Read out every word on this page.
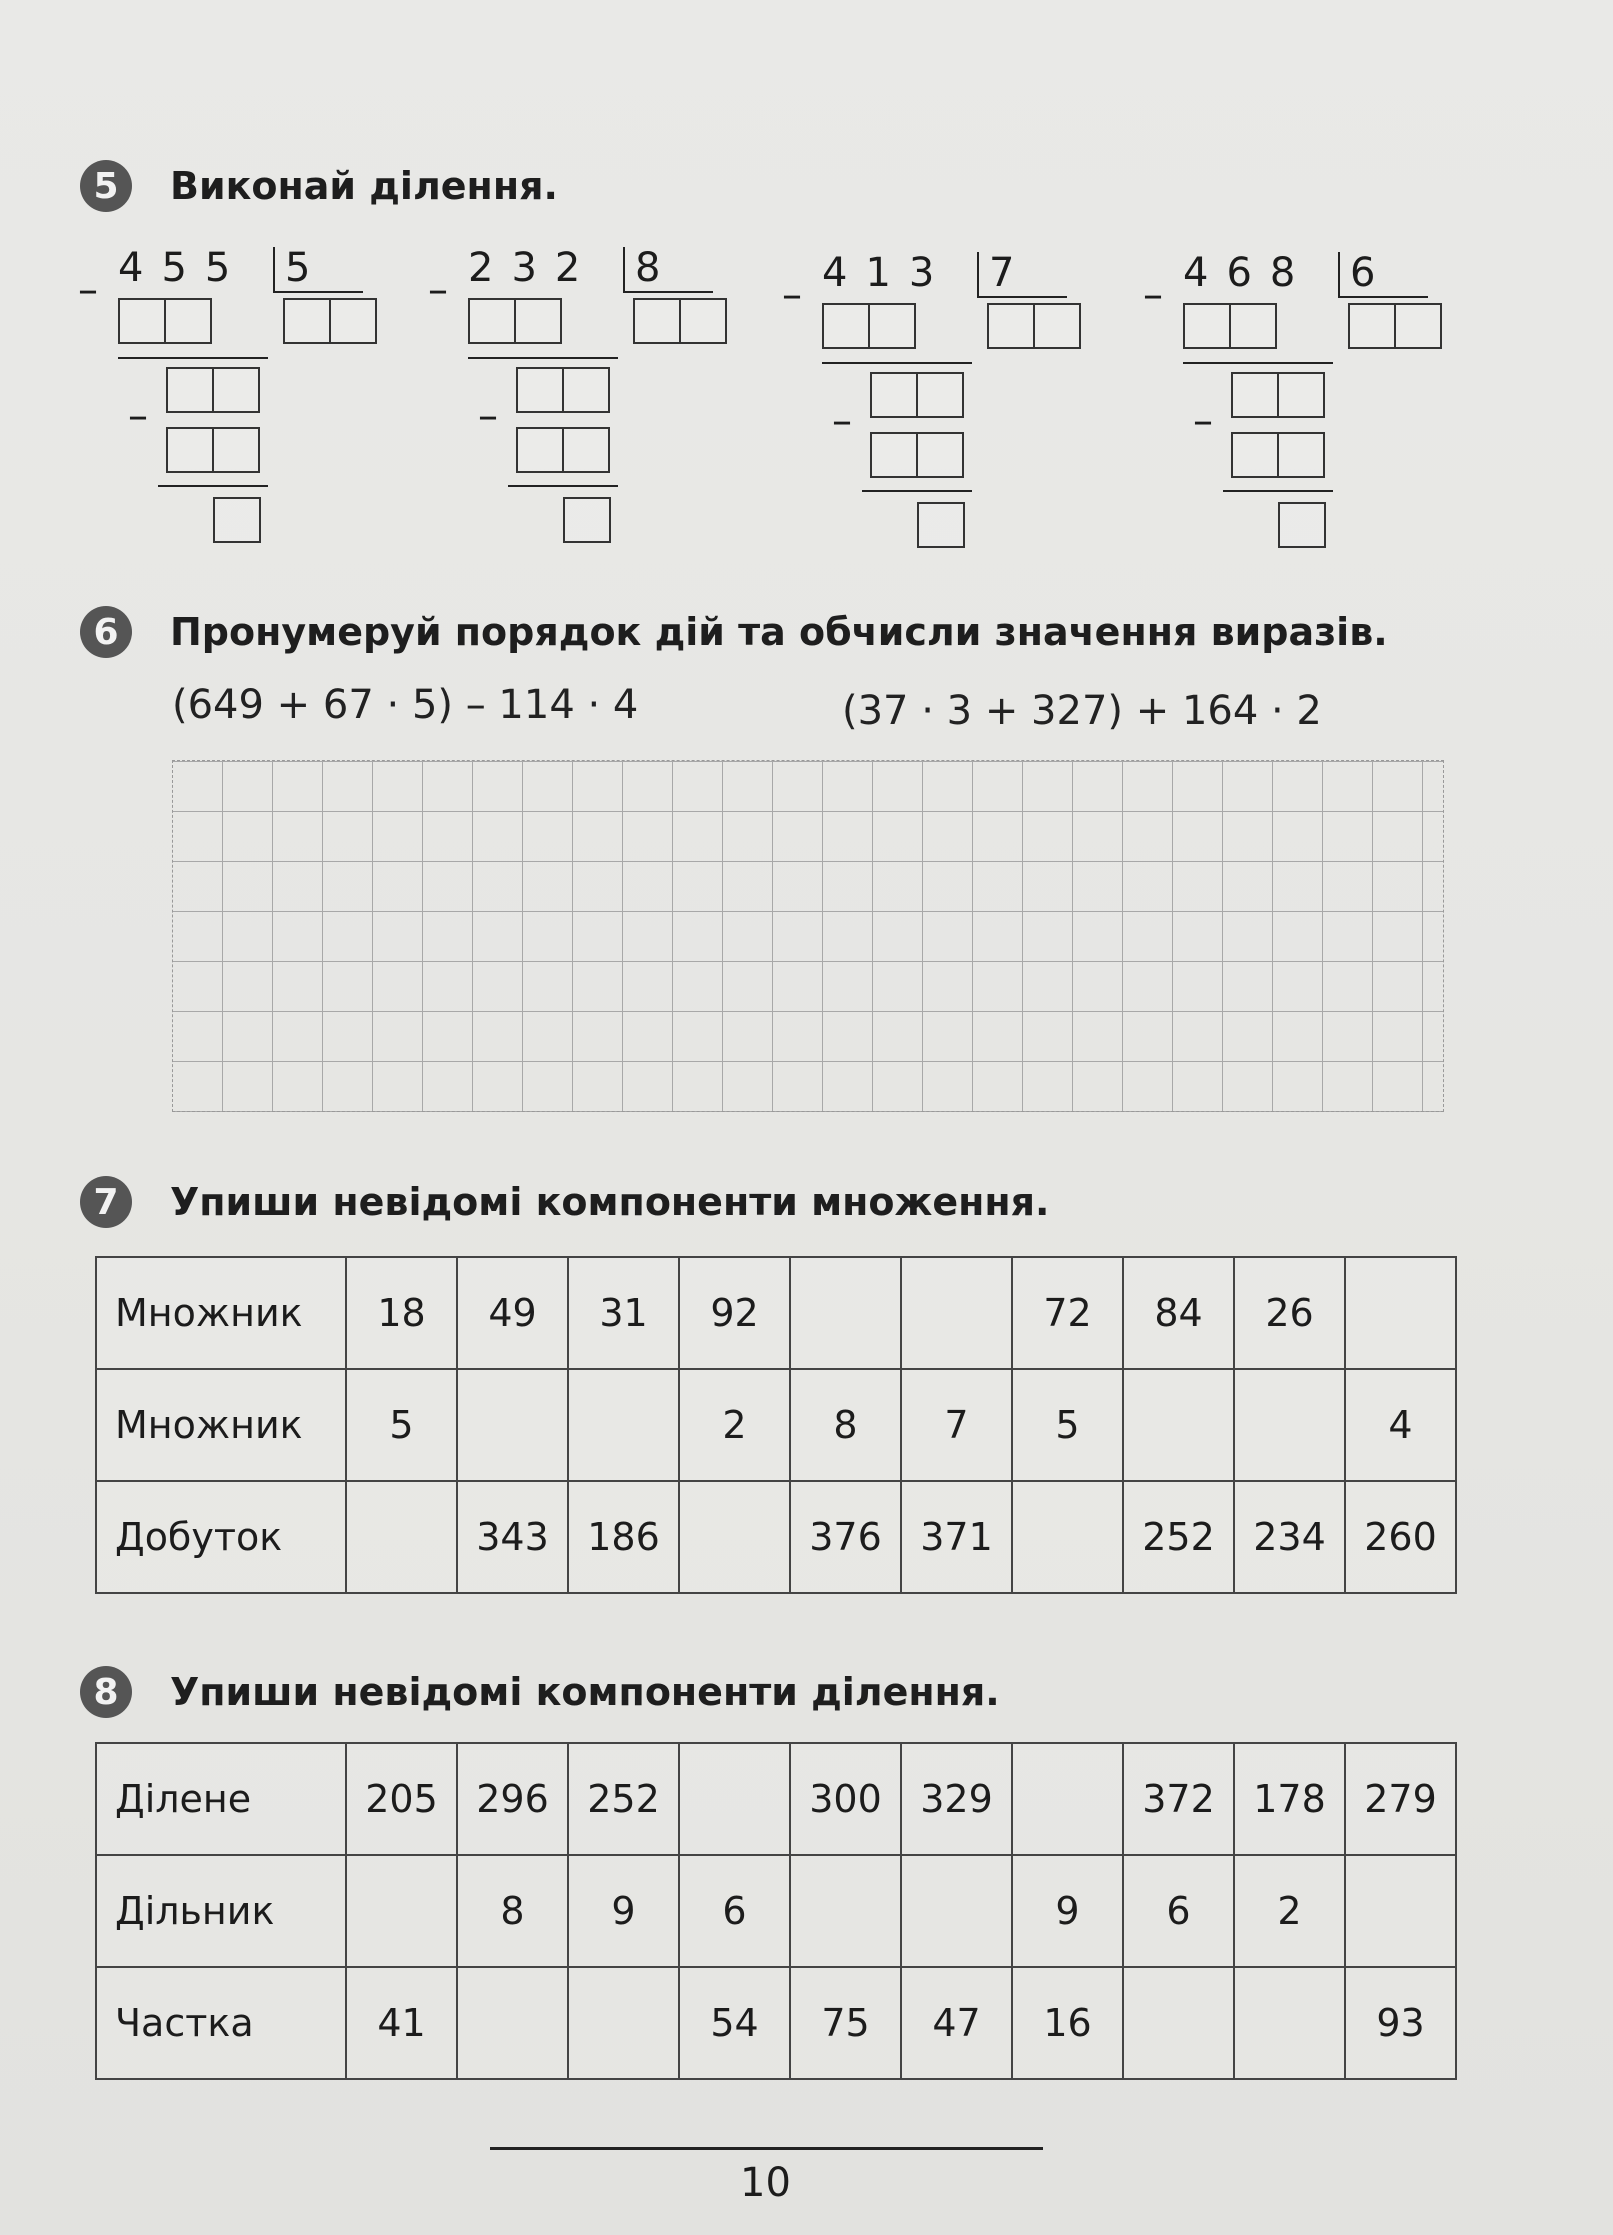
5	Виконай ділення.
– 455 5
–
– 232 8
–
– 413 7
–
– 468 6
–
6	Пронумеруй порядок дій та обчисли значення виразів.
(649 + 67 · 5) – 114 · 4	(37 · 3 + 327) + 164 · 2
7	Упиши невідомі компоненти множення.
Множник	18	49	31	92			72	84	26	
Множник	5			2	8	7	5			4
Добуток		343	186		376	371		252	234	260
8	Упиши невідомі компоненти ділення.
Ділене	205	296	252		300	329		372	178	279
Дільник		8	9	6			9	6	2	
Частка	41			54	75	47	16			93
10
